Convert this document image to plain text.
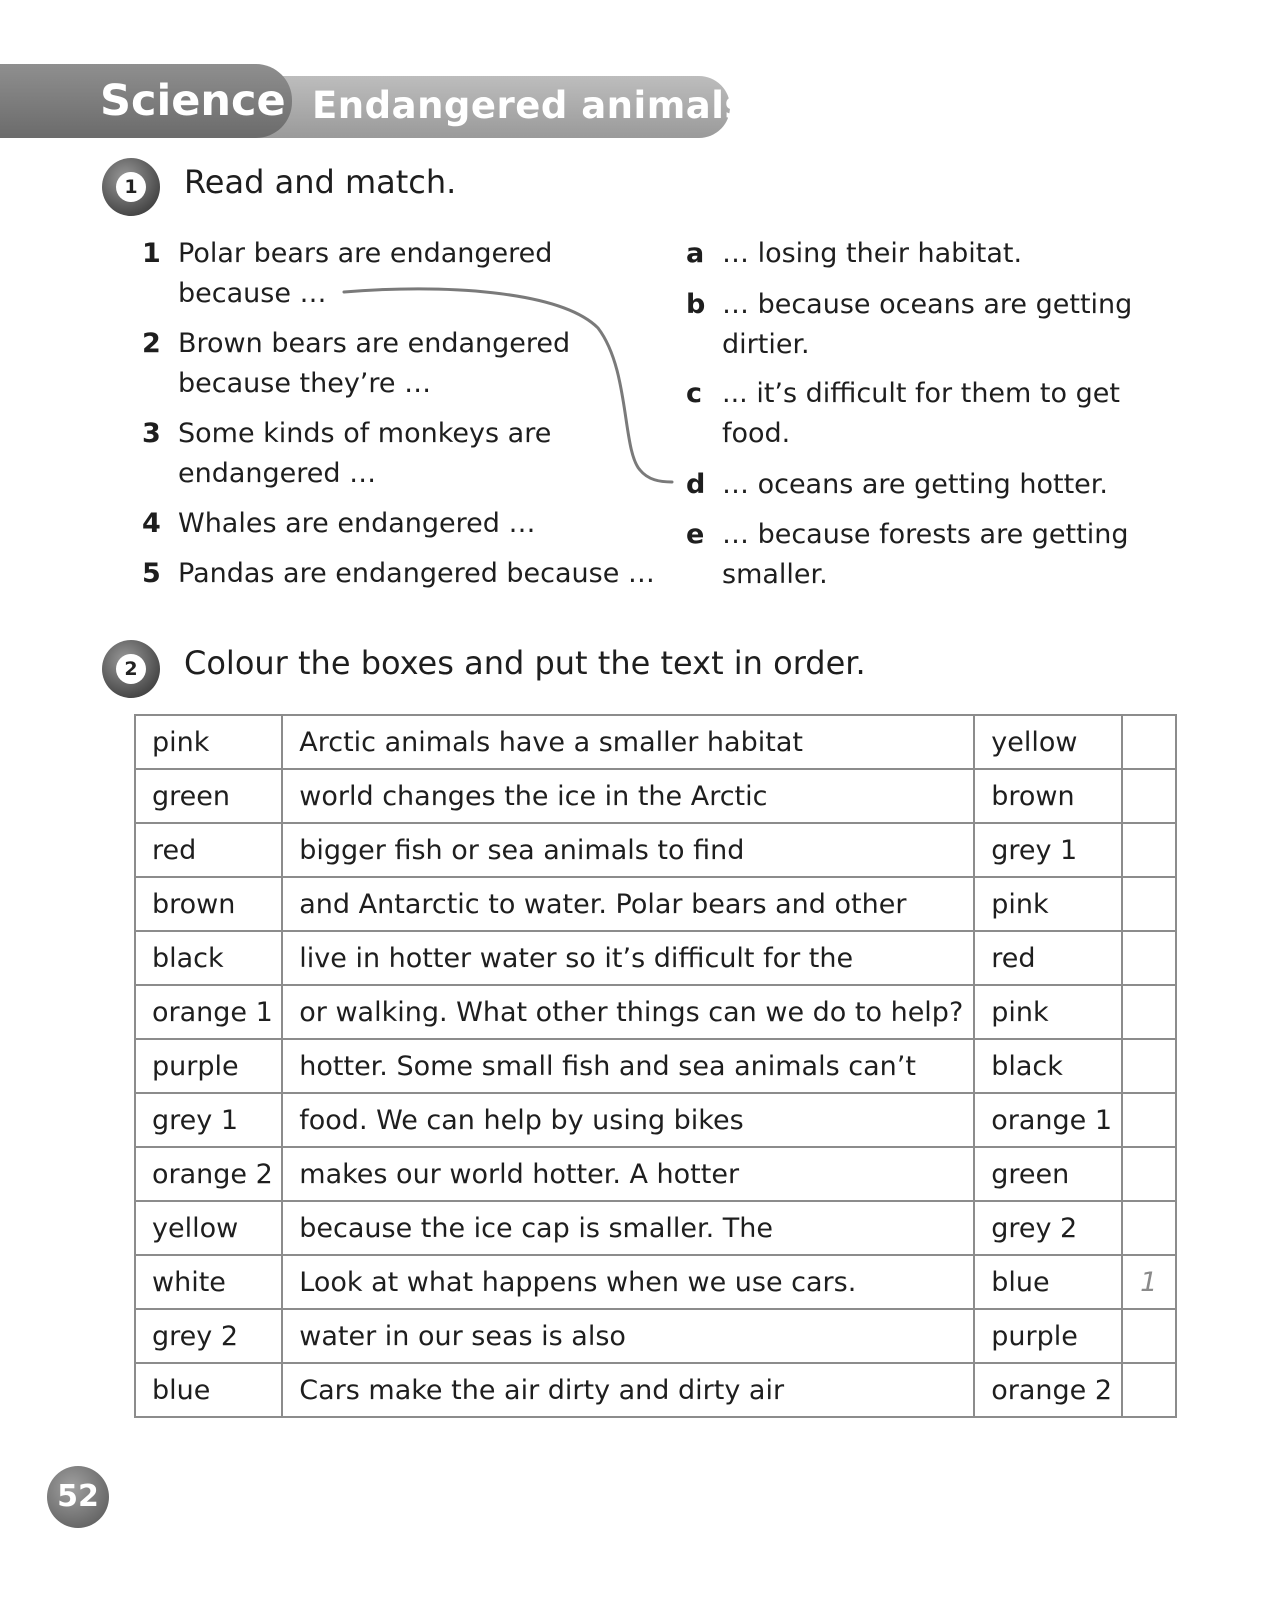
Science Endangered animals
1 Read and match.
1 Polar bears are endangered
because …
2 Brown bears are endangered
because they’re …
3 Some kinds of monkeys are
endangered …
4 Whales are endangered …
5 Pandas are endangered because …
a … losing their habitat.
b … because oceans are getting
dirtier.
c ... it’s difficult for them to get
food.
d … oceans are getting hotter.
e … because forests are getting
smaller.
2 Colour the boxes and put the text in order.
pink	Arctic animals have a smaller habitat	yellow	
green	world changes the ice in the Arctic	brown	
red	bigger fish or sea animals to find	grey 1	
brown	and Antarctic to water. Polar bears and other	pink	
black	live in hotter water so it’s difficult for the	red	
orange 1	or walking. What other things can we do to help?	pink	
purple	hotter. Some small fish and sea animals can’t	black	
grey 1	food. We can help by using bikes	orange 1	
orange 2	makes our world hotter. A hotter	green	
yellow	because the ice cap is smaller. The	grey 2	
white	Look at what happens when we use cars.	blue	1
grey 2	water in our seas is also	purple	
blue	Cars make the air dirty and dirty air	orange 2	
52
